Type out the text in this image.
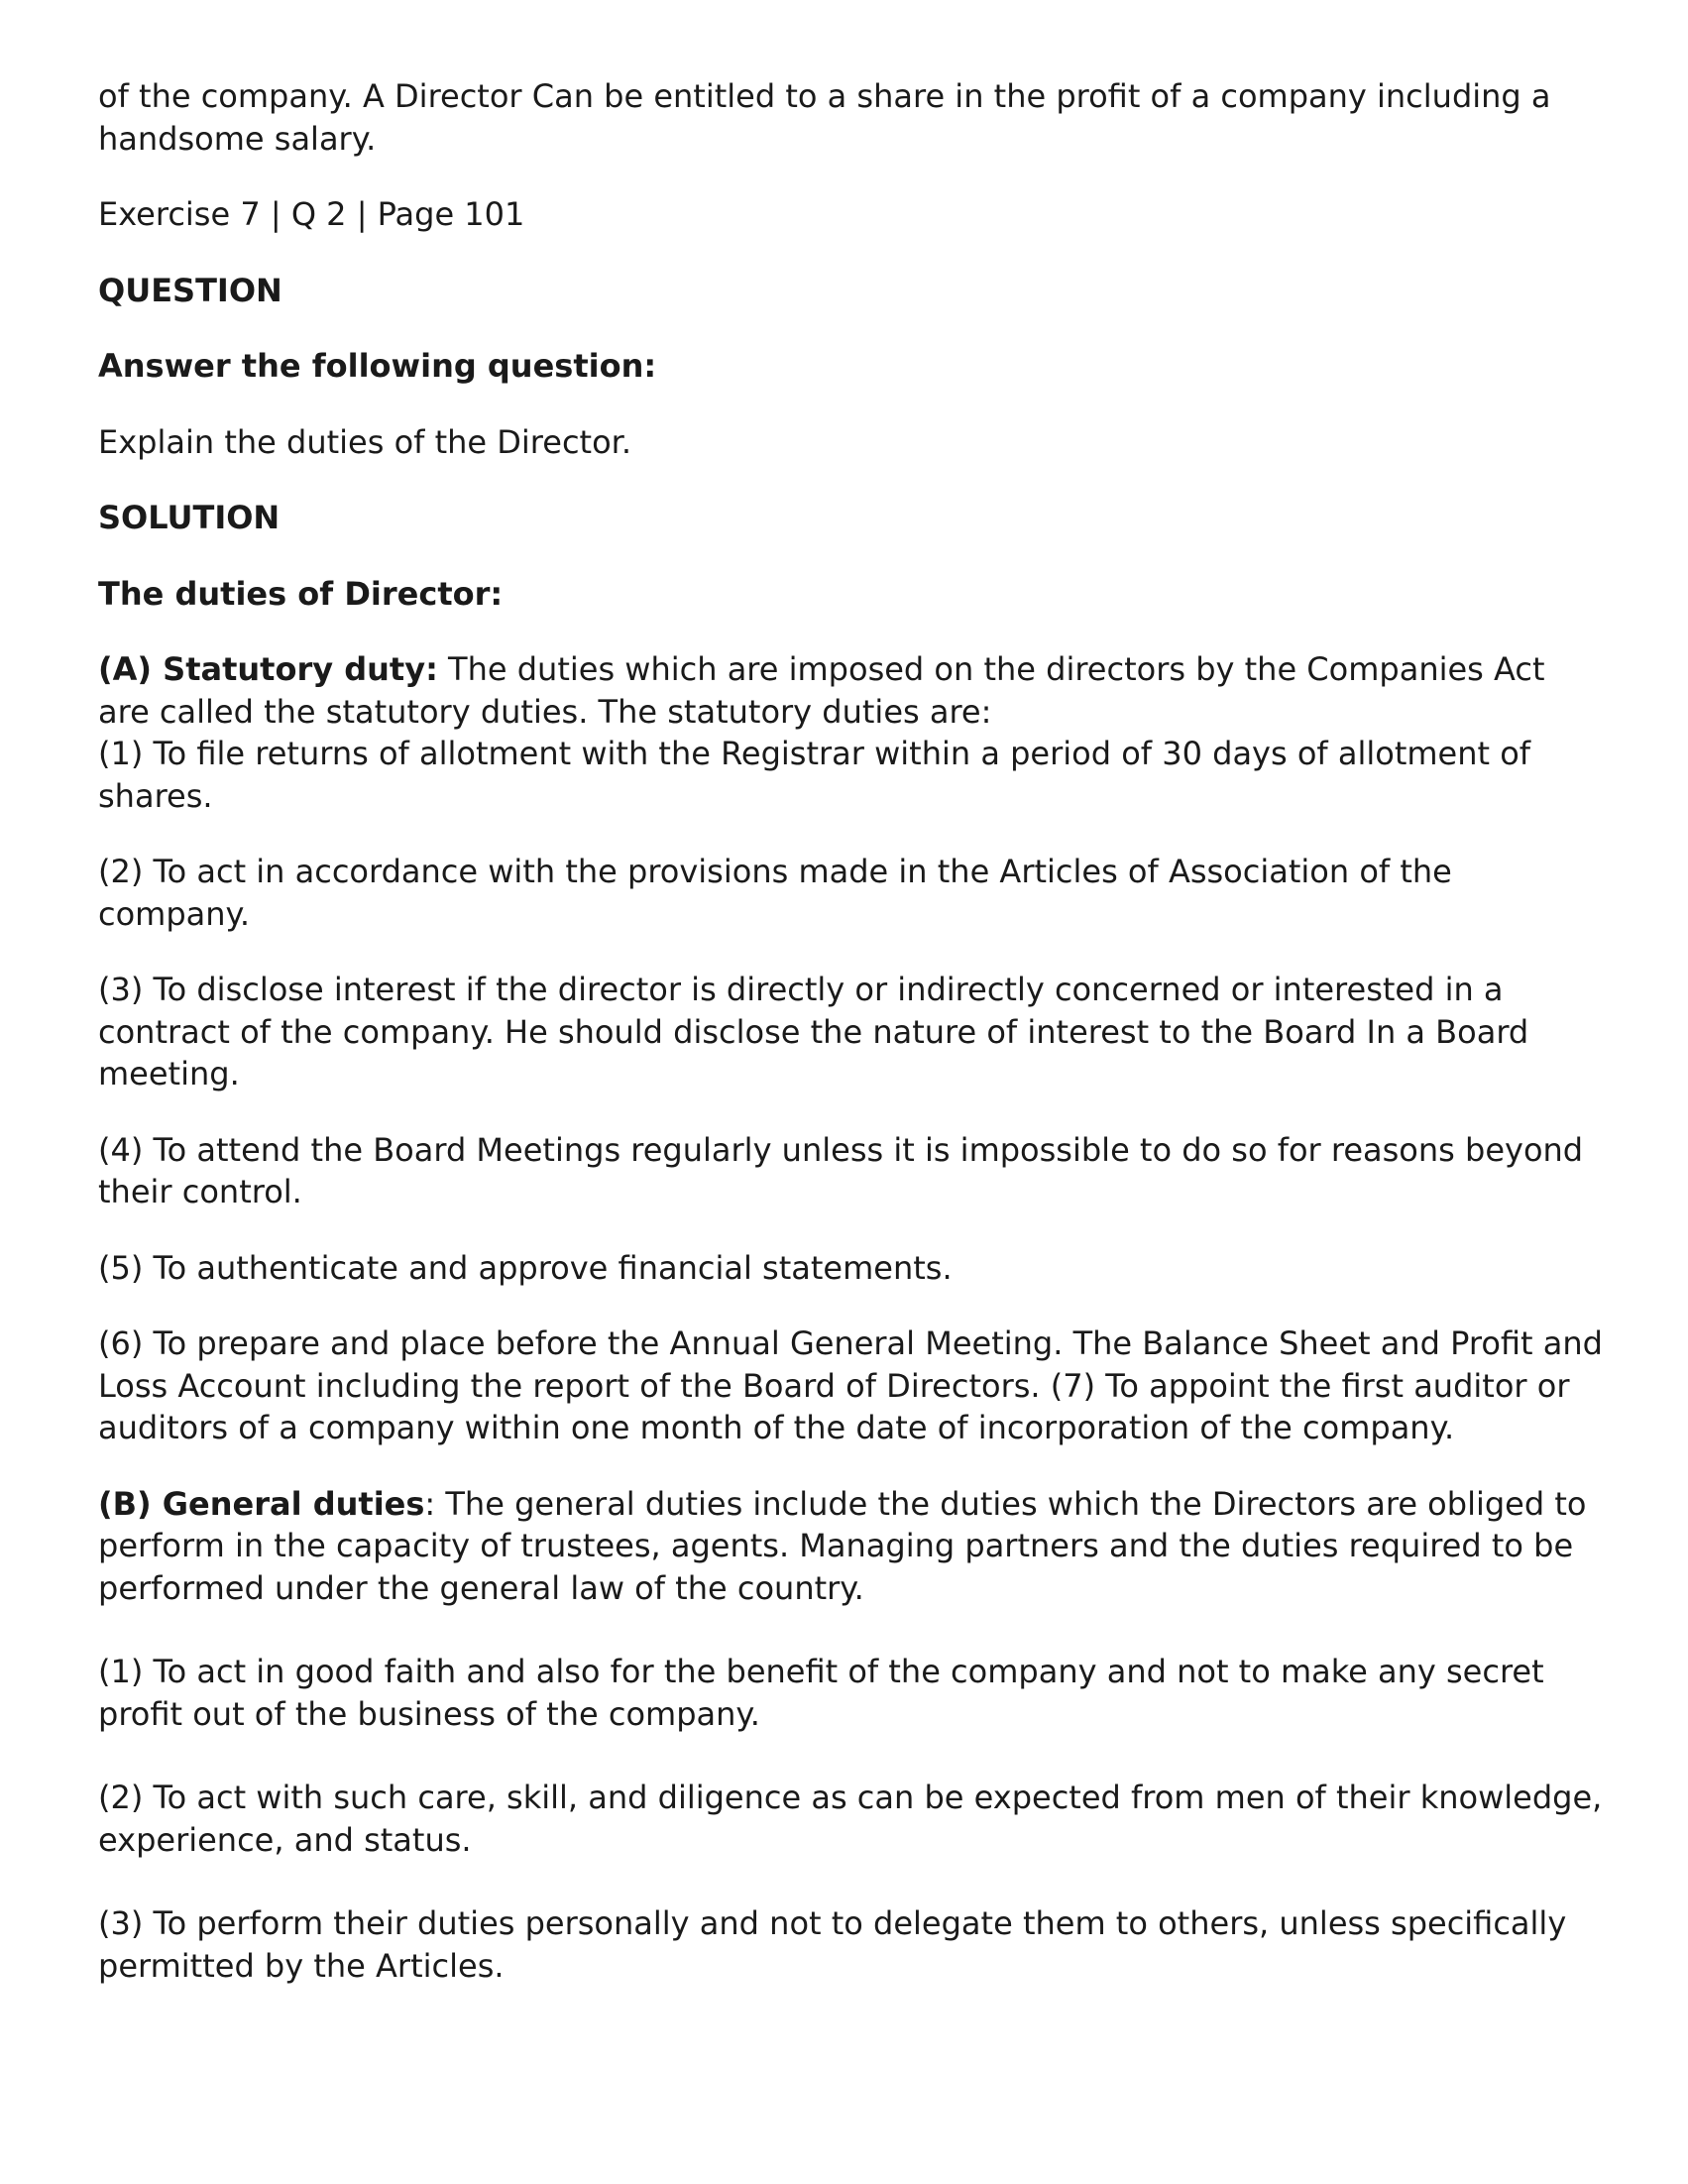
of the company. A Director Can be entitled to a share in the profit of a company including a handsome salary.

Exercise 7 | Q 2 | Page 101

QUESTION

Answer the following question:

Explain the duties of the Director.

SOLUTION

The duties of Director:

(A) Statutory duty: The duties which are imposed on the directors by the Companies Act are called the statutory duties. The statutory duties are:

(1) To file returns of allotment with the Registrar within a period of 30 days of allotment of shares.

(2) To act in accordance with the provisions made in the Articles of Association of the company.

(3) To disclose interest if the director is directly or indirectly concerned or interested in a contract of the company. He should disclose the nature of interest to the Board In a Board meeting.

(4) To attend the Board Meetings regularly unless it is impossible to do so for reasons beyond their control.

(5) To authenticate and approve financial statements.

(6) To prepare and place before the Annual General Meeting. The Balance Sheet and Profit and Loss Account including the report of the Board of Directors. (7) To appoint the first auditor or auditors of a company within one month of the date of incorporation of the company.

(B) General duties: The general duties include the duties which the Directors are obliged to perform in the capacity of trustees, agents. Managing partners and the duties required to be performed under the general law of the country.

(1) To act in good faith and also for the benefit of the company and not to make any secret profit out of the business of the company.

(2) To act with such care, skill, and diligence as can be expected from men of their knowledge, experience, and status.

(3) To perform their duties personally and not to delegate them to others, unless specifically permitted by the Articles.
